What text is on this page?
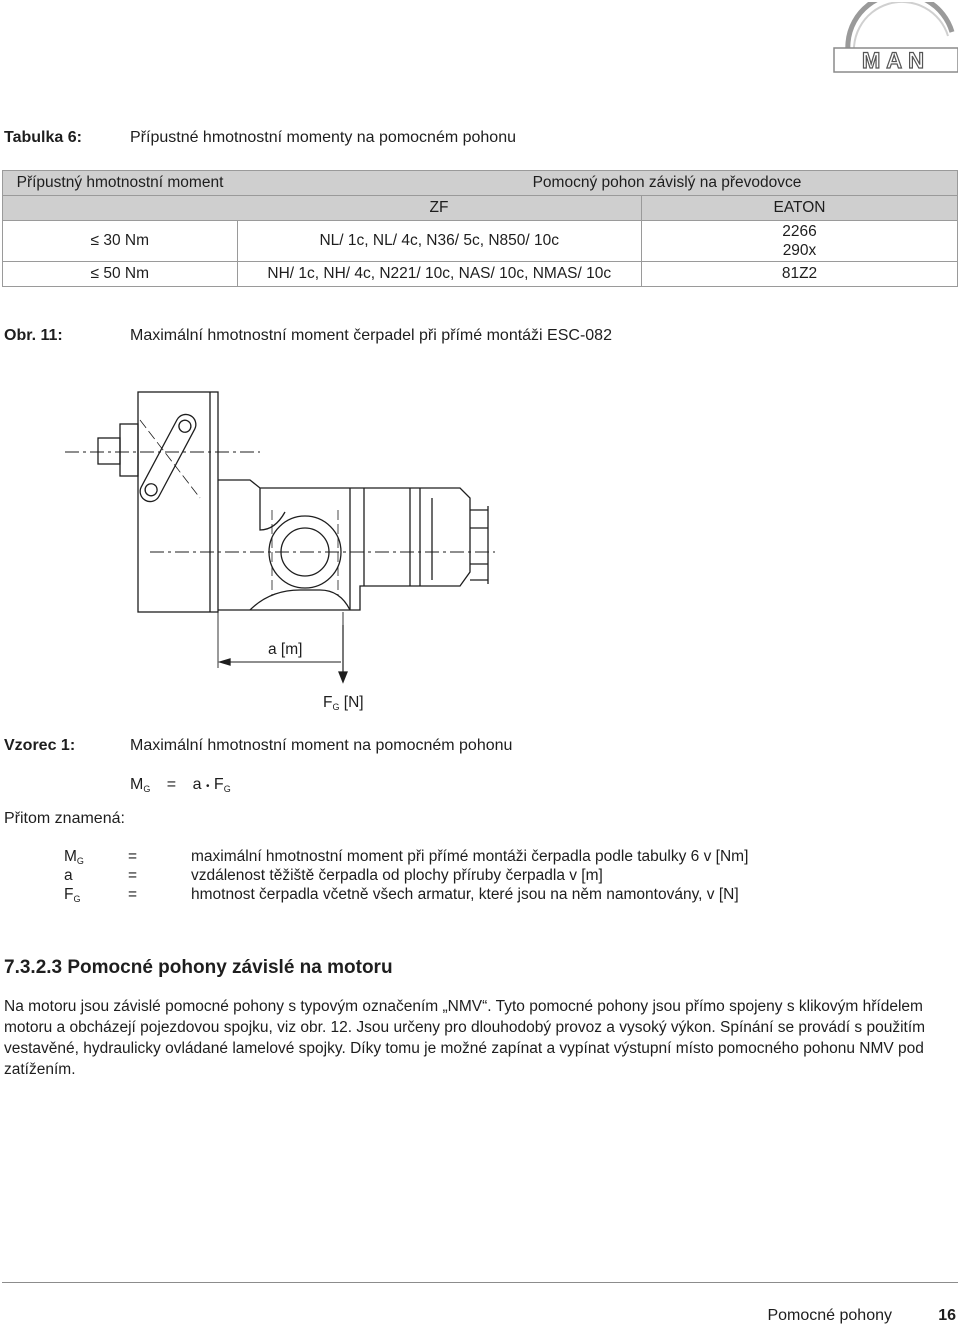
MAN
Tabulka 6:	Přípustné hmotnostní momenty na pomocném pohonu
Přípustný hmotnostní moment	Pomocný pohon závislý na převodovce	
	ZF	EATON
≤ 30 Nm	NL/ 1c, NL/ 4c, N36/ 5c, N850/ 10c	2266
290x

≤ 50 Nm	NH/ 1c, NH/ 4c, N221/ 10c, NAS/ 10c, NMAS/ 10c	81Z2
Obr. 11:	Maximální hmotnostní moment čerpadel při přímé montáži ESC-082
a [m]
$F_G$ [N]
Vzorec 1:	Maximální hmotnostní moment na pomocném pohonu
$M_G = a$ • $F_G$
Přitom znamená:
$M_G$	=	maximální hmotnostní moment při přímé montáži čerpadla podle tabulky 6 v [Nm]
a	=	vzdálenost těžiště čerpadla od plochy příruby čerpadla v [m]
$F_G$	=	hmotnost čerpadla včetně všech armatur, které jsou na něm namontovány, v [N]
7.3.2.3 Pomocné pohony závislé na motoru
Na motoru jsou závislé pomocné pohony s typovým označením „NMV“. Tyto pomocné pohony jsou přímo spojeny s klikovým hřídelem
motoru a obcházejí pojezdovou spojku, viz obr. 12. Jsou určeny pro dlouhodobý provoz a vysoký výkon. Spínání se provádí s použitím
vestavěné, hydraulicky ovládané lamelové spojky. Díky tomu je možné zapínat a vypínat výstupní místo pomocného pohonu NMV pod
zatížením.
Pomocné pohony	16
